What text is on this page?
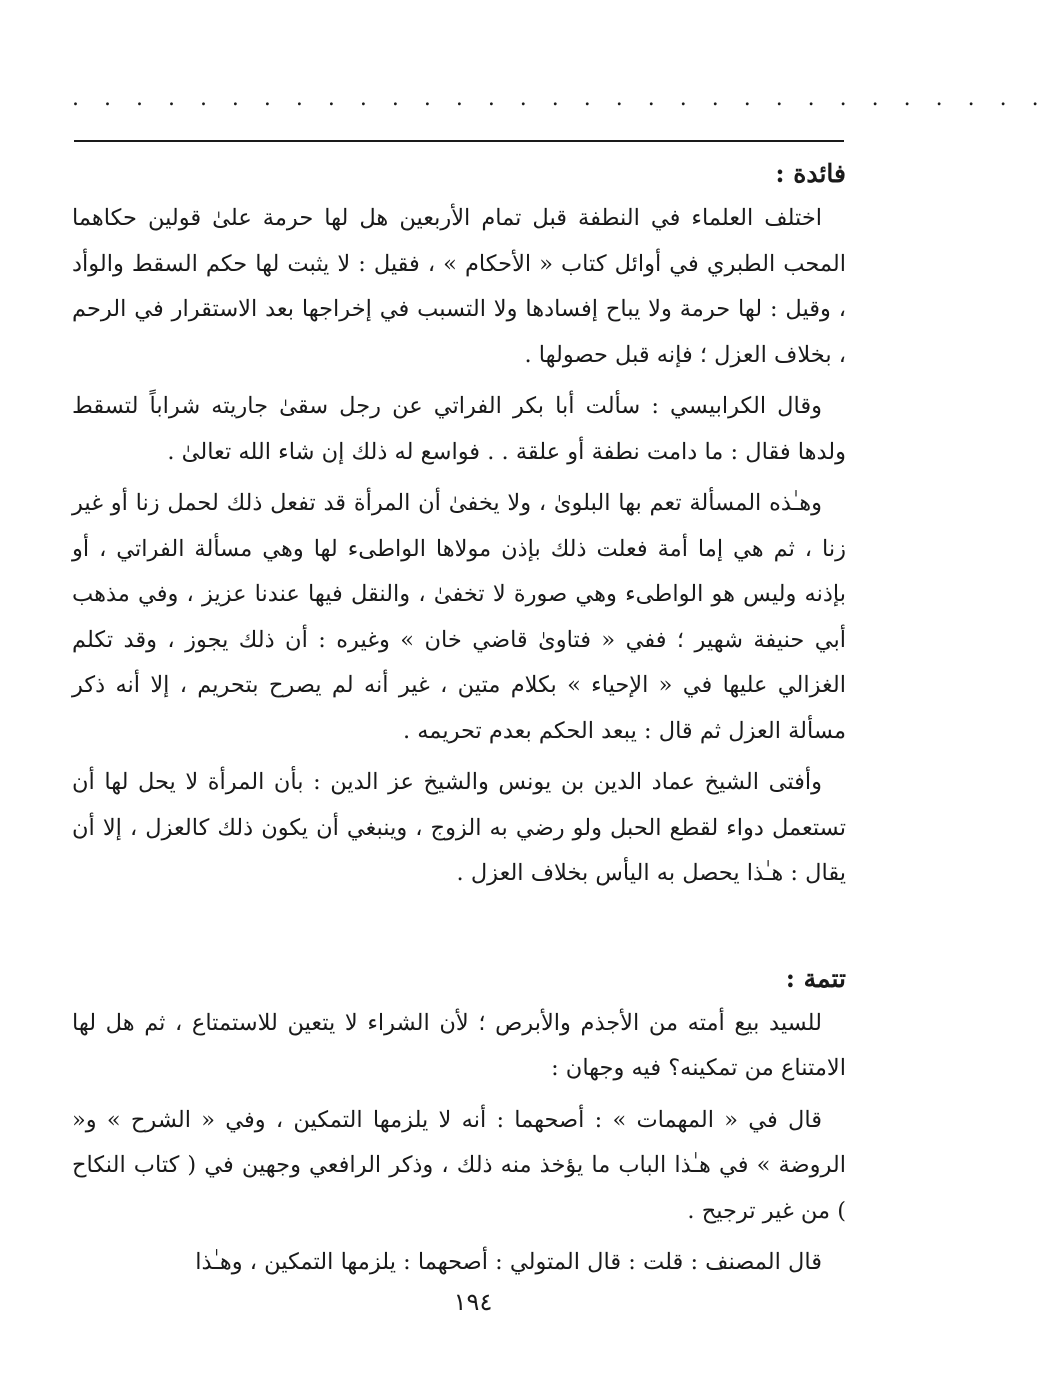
. . . . . . . . . . . . . . . . . . . . . . . . . . . . . . .
فائدة :

اختلف العلماء في النطفة قبل تمام الأربعين هل لها حرمة علىٰ قولين حكاهما المحب الطبري في أوائل كتاب « الأحكام » ، فقيل : لا يثبت لها حكم السقط والوأد ، وقيل : لها حرمة ولا يباح إفسادها ولا التسبب في إخراجها بعد الاستقرار في الرحم ، بخلاف العزل ؛ فإنه قبل حصولها .

وقال الكرابيسي : سألت أبا بكر الفراتي عن رجل سقىٰ جاريته شراباً لتسقط ولدها فقال : ما دامت نطفة أو علقة . . فواسع له ذلك إن شاء الله تعالىٰ .

وهـٰذه المسألة تعم بها البلوىٰ ، ولا يخفىٰ أن المرأة قد تفعل ذلك لحمل زنا أو غير زنا ، ثم هي إما أمة فعلت ذلك بإذن مولاها الواطىء لها وهي مسألة الفراتي ، أو بإذنه وليس هو الواطىء وهي صورة لا تخفىٰ ، والنقل فيها عندنا عزيز ، وفي مذهب أبي حنيفة شهير ؛ ففي « فتاوىٰ قاضي خان » وغيره : أن ذلك يجوز ، وقد تكلم الغزالي عليها في « الإحياء » بكلام متين ، غير أنه لم يصرح بتحريم ، إلا أنه ذكر مسألة العزل ثم قال : يبعد الحكم بعدم تحريمه .

وأفتى الشيخ عماد الدين بن يونس والشيخ عز الدين : بأن المرأة لا يحل لها أن تستعمل دواء لقطع الحبل ولو رضي به الزوج ، وينبغي أن يكون ذلك كالعزل ، إلا أن يقال : هـٰذا يحصل به اليأس بخلاف العزل .

تتمة :

للسيد بيع أمته من الأجذم والأبرص ؛ لأن الشراء لا يتعين للاستمتاع ، ثم هل لها الامتناع من تمكينه؟ فيه وجهان :

قال في « المهمات » : أصحهما : أنه لا يلزمها التمكين ، وفي « الشرح » و« الروضة » في هـٰذا الباب ما يؤخذ منه ذلك ، وذكر الرافعي وجهين في ( كتاب النكاح ) من غير ترجيح .

قال المصنف : قلت : قال المتولي : أصحهما : يلزمها التمكين ، وهـٰذا

١٩٤
